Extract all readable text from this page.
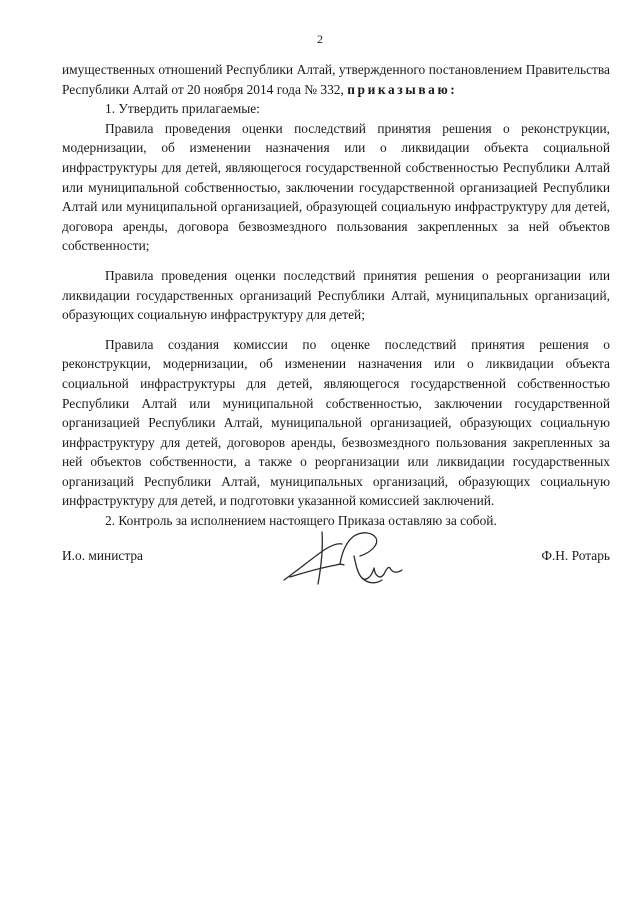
2

имущественных отношений Республики Алтай, утвержденного постановлением Правительства Республики Алтай от 20 ноября 2014 года № 332, приказываю:

1. Утвердить прилагаемые:

Правила проведения оценки последствий принятия решения о реконструкции, модернизации, об изменении назначения или о ликвидации объекта социальной инфраструктуры для детей, являющегося государственной собственностью Республики Алтай или муниципальной собственностью, заключении государственной организацией Республики Алтай или муниципальной организацией, образующей социальную инфраструктуру для детей, договора аренды, договора безвозмездного пользования закрепленных за ней объектов собственности;

Правила проведения оценки последствий принятия решения о реорганизации или ликвидации государственных организаций Республики Алтай, муниципальных организаций, образующих социальную инфраструктуру для детей;

Правила создания комиссии по оценке последствий принятия решения о реконструкции, модернизации, об изменении назначения или о ликвидации объекта социальной инфраструктуры для детей, являющегося государственной собственностью Республики Алтай или муниципальной собственностью, заключении государственной организацией Республики Алтай, муниципальной организацией, образующих социальную инфраструктуру для детей, договоров аренды, безвозмездного пользования закрепленных за ней объектов собственности, а также о реорганизации или ликвидации государственных организаций Республики Алтай, муниципальных организаций, образующих социальную инфраструктуру для детей, и подготовки указанной комиссией заключений.

2. Контроль за исполнением настоящего Приказа оставляю за собой.

И.о. министра	Ф.Н. Ротарь
